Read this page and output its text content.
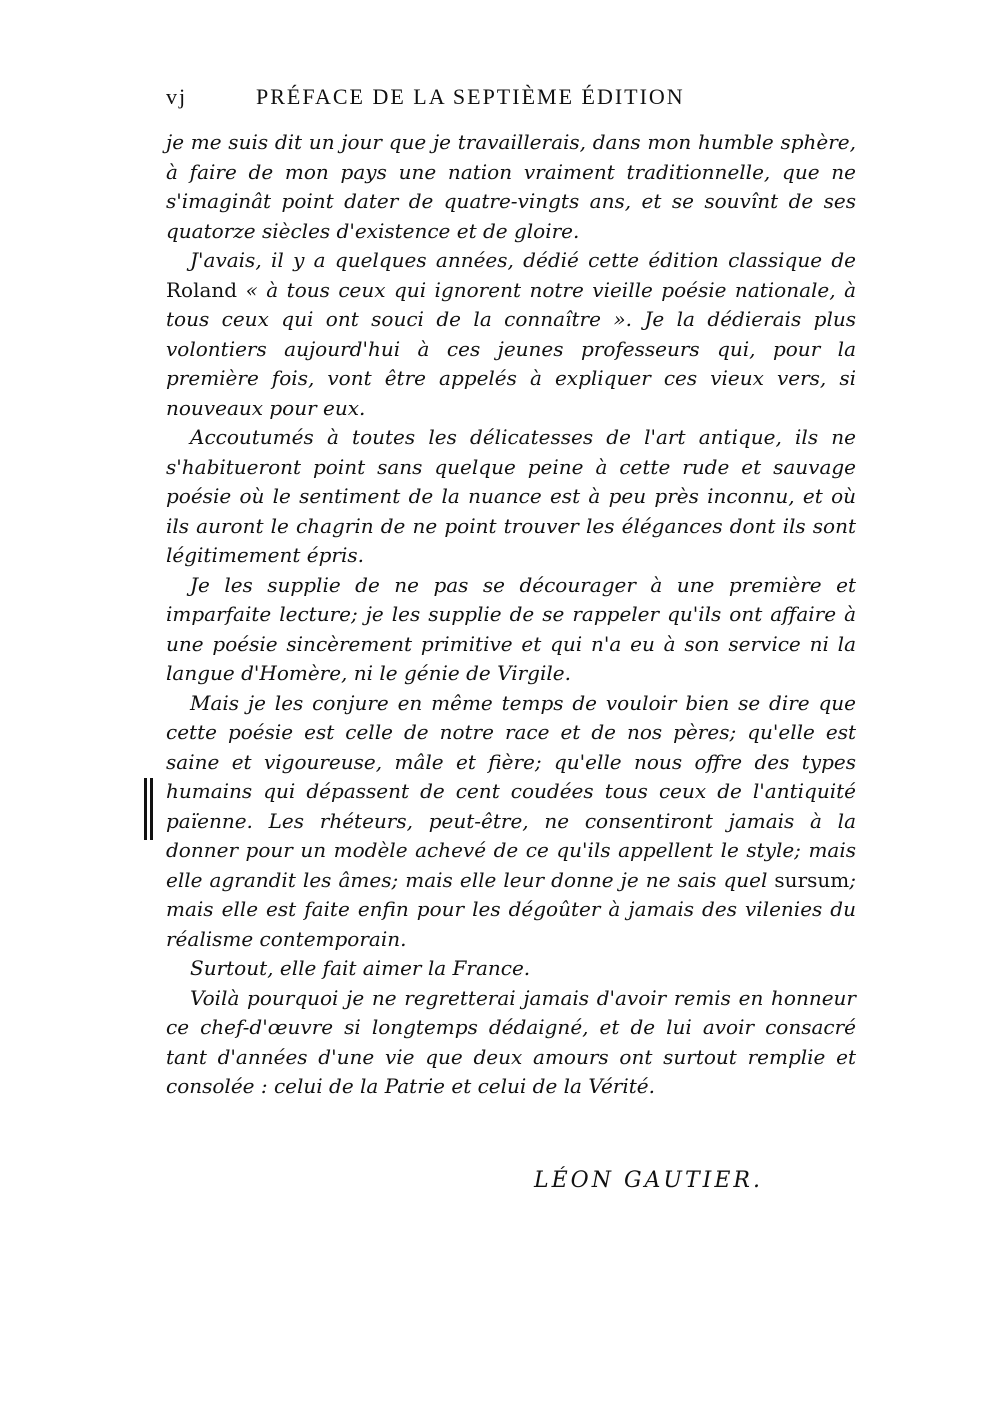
vj	PRÉFACE DE LA SEPTIÈME ÉDITION

je me suis dit un jour que je travaillerais, dans mon humble sphère, à faire de mon pays une nation vraiment traditionnelle, que ne s'imaginât point dater de quatre-vingts ans, et se souvînt de ses quatorze siècles d'existence et de gloire.

J'avais, il y a quelques années, dédié cette édition classique de Roland « à tous ceux qui ignorent notre vieille poésie nationale, à tous ceux qui ont souci de la connaître ». Je la dédierais plus volontiers aujourd'hui à ces jeunes professeurs qui, pour la première fois, vont être appelés à expliquer ces vieux vers, si nouveaux pour eux.

Accoutumés à toutes les délicatesses de l'art antique, ils ne s'habitueront point sans quelque peine à cette rude et sauvage poésie où le sentiment de la nuance est à peu près inconnu, et où ils auront le chagrin de ne point trouver les élégances dont ils sont légitimement épris.

Je les supplie de ne pas se décourager à une première et imparfaite lecture; je les supplie de se rappeler qu'ils ont affaire à une poésie sincèrement primitive et qui n'a eu à son service ni la langue d'Homère, ni le génie de Virgile.

Mais je les conjure en même temps de vouloir bien se dire que cette poésie est celle de notre race et de nos pères; qu'elle est saine et vigoureuse, mâle et fière; qu'elle nous offre des types humains qui dépassent de cent coudées tous ceux de l'antiquité païenne. Les rhéteurs, peut-être, ne consentiront jamais à la donner pour un modèle achevé de ce qu'ils appellent le style; mais elle agrandit les âmes; mais elle leur donne je ne sais quel sursum; mais elle est faite enfin pour les dégoûter à jamais des vilenies du réalisme contemporain.

Surtout, elle fait aimer la France.

Voilà pourquoi je ne regretterai jamais d'avoir remis en honneur ce chef-d'œuvre si longtemps dédaigné, et de lui avoir consacré tant d'années d'une vie que deux amours ont surtout remplie et consolée : celui de la Patrie et celui de la Vérité.

LÉON GAUTIER.
